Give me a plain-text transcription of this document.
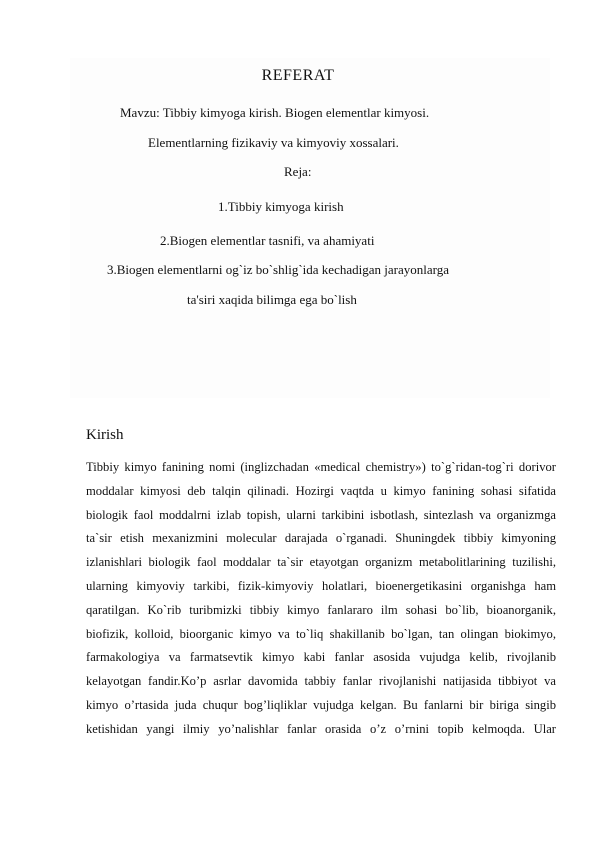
REFERAT
Mavzu: Tibbiy kimyoga kirish. Biogen elementlar kimyosi.
Elementlarning fizikaviy va kimyoviy xossalari.
Reja:
1.Tibbiy kimyoga kirish
2.Biogen elementlar tasnifi, va ahamiyati
3.Biogen elementlarni og`iz bo`shlig`ida kechadigan jarayonlarga
ta'siri xaqida bilimga ega bo`lish
Kirish

Tibbiy kimyo fanining nomi (inglizchadan «medical chemistry») to`g`ridan-tog`ri dorivor moddalar kimyosi deb talqin qilinadi. Hozirgi vaqtda u kimyo fanining sohasi sifatida biologik faol moddalrni izlab topish, ularni tarkibini isbotlash, sintezlash va organizmga ta`sir etish mexanizmini molecular darajada o`rganadi. Shuningdek tibbiy kimyoning izlanishlari biologik faol moddalar ta`sir etayotgan organizm metabolitlarining tuzilishi, ularning kimyoviy tarkibi, fizik-kimyoviy holatlari, bioenergetikasini organishga ham qaratilgan. Ko`rib turibmizki tibbiy kimyo fanlararo ilm sohasi bo`lib, bioanorganik, biofizik, kolloid, bioorganic kimyo va to`liq shakillanib bo`lgan, tan olingan biokimyo, farmakologiya va farmatsevtik kimyo kabi fanlar asosida vujudga kelib, rivojlanib kelayotgan fandir.Ko’p asrlar davomida tabbiy fanlar rivojlanishi natijasida tibbiyot va kimyo o’rtasida juda chuqur bog’liqliklar vujudga kelgan. Bu fanlarni bir biriga singib ketishidan yangi ilmiy yo’nalishlar fanlar orasida o’z o’rnini topib kelmoqda. Ular
